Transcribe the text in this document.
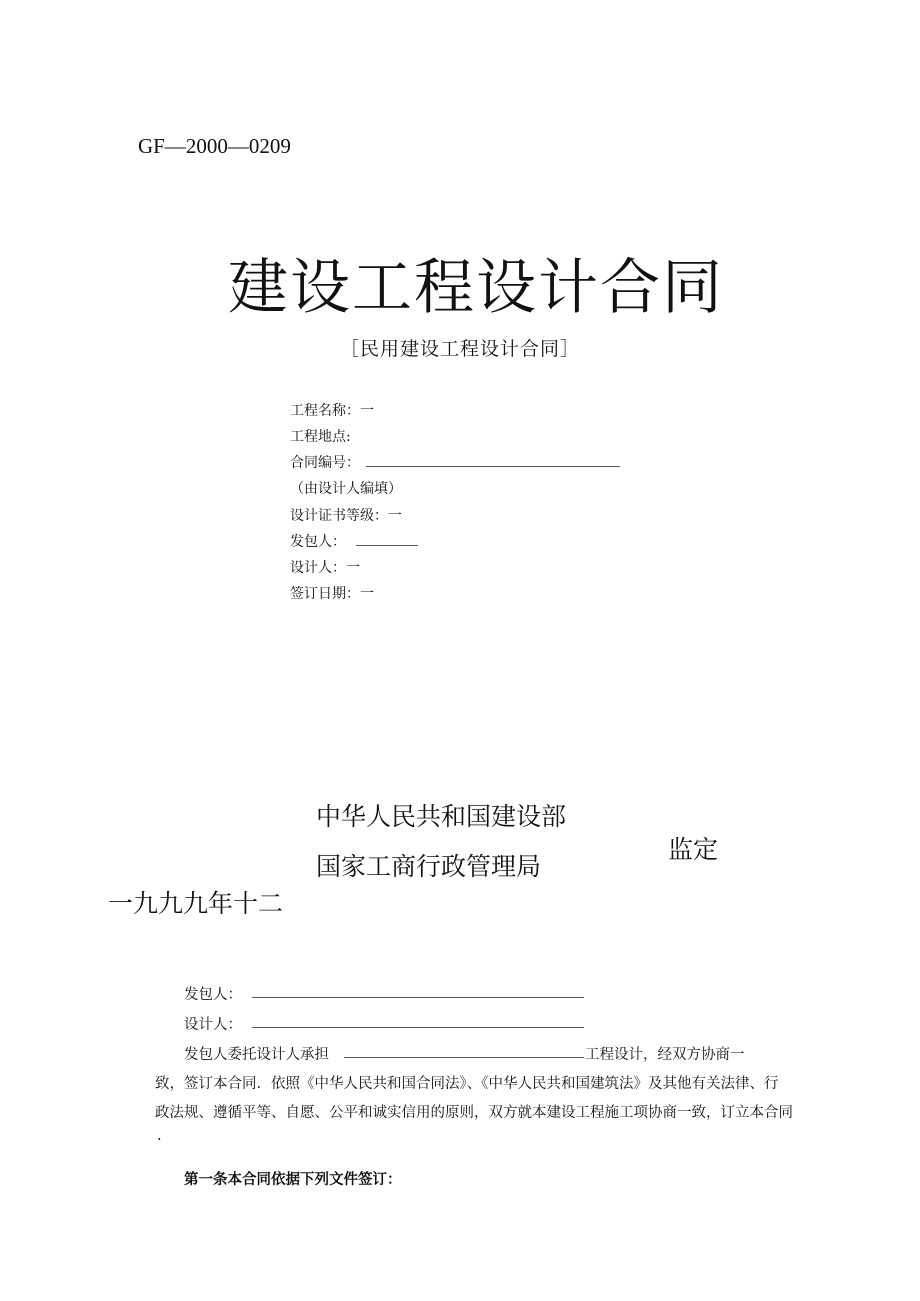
GF—2000—0209
建设工程设计合同
［民用建设工程设计合同］
工程名称：一
工程地点:
合同编号：
（由设计人编填）
设计证书等级：一
发包人：
设计人：一
签订日期：一
中华人民共和国建设部
国家工商行政管理局
监定
一九九九年十二
发包人：
设计人：
发包人委托设计人承担	工程设计，经双方协商一
致，签订本合同．依照《中华人民共和国合同法》、《中华人民共和国建筑法》及其他有关法律、行
政法规、遵循平等、自愿、公平和诚实信用的原则，双方就本建设工程施工项协商一致，订立本合同
.
第一条本合同依据下列文件签订：
